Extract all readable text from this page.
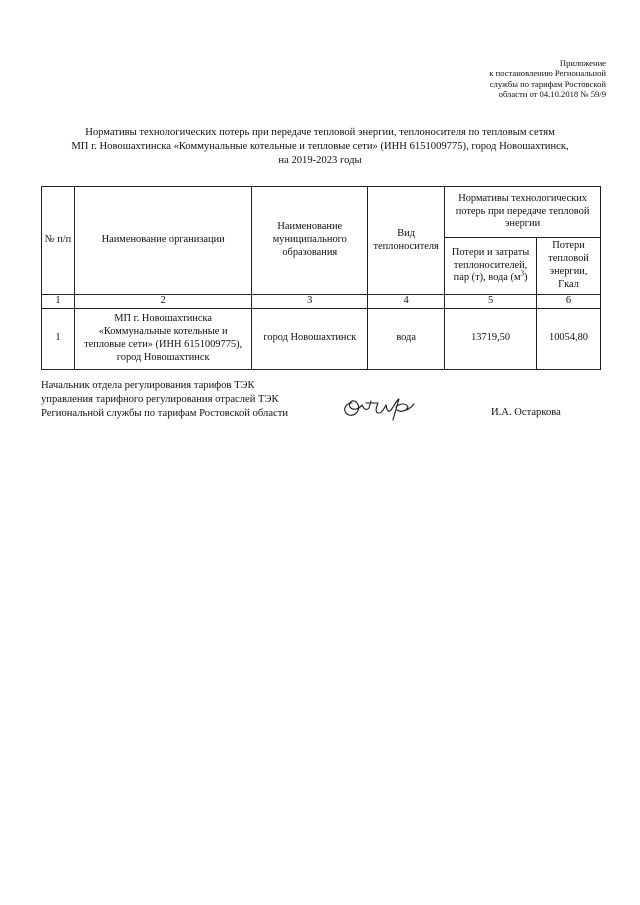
Приложение
к постановлению Региональной
службы по тарифам Ростовской
области от 04.10.2018 № 59/9
Нормативы технологических потерь при передаче тепловой энергии, теплоносителя по тепловым сетям
МП г. Новошахтинска «Коммунальные котельные и тепловые сети» (ИНН 6151009775), город Новошахтинск,
на 2019-2023 годы
№ п/п	Наименование организации	Наименование муниципального образования	Вид теплоносителя	Нормативы технологических потерь при передаче тепловой энергии	
				Потери и затраты теплоносителей, пар (т), вода $(м^3)$	Потери тепловой энергии, Гкал
1	2	3	4	5	6
1	МП г. Новошахтинска «Коммунальные котельные и тепловые сети» (ИНН 6151009775), город Новошахтинск	город Новошахтинск	вода	13719,50	10054,80
Начальник отдела регулирования тарифов ТЭК
управления тарифного регулирования отраслей ТЭК
Региональной службы по тарифам Ростовской области	И.А. Остаркова
